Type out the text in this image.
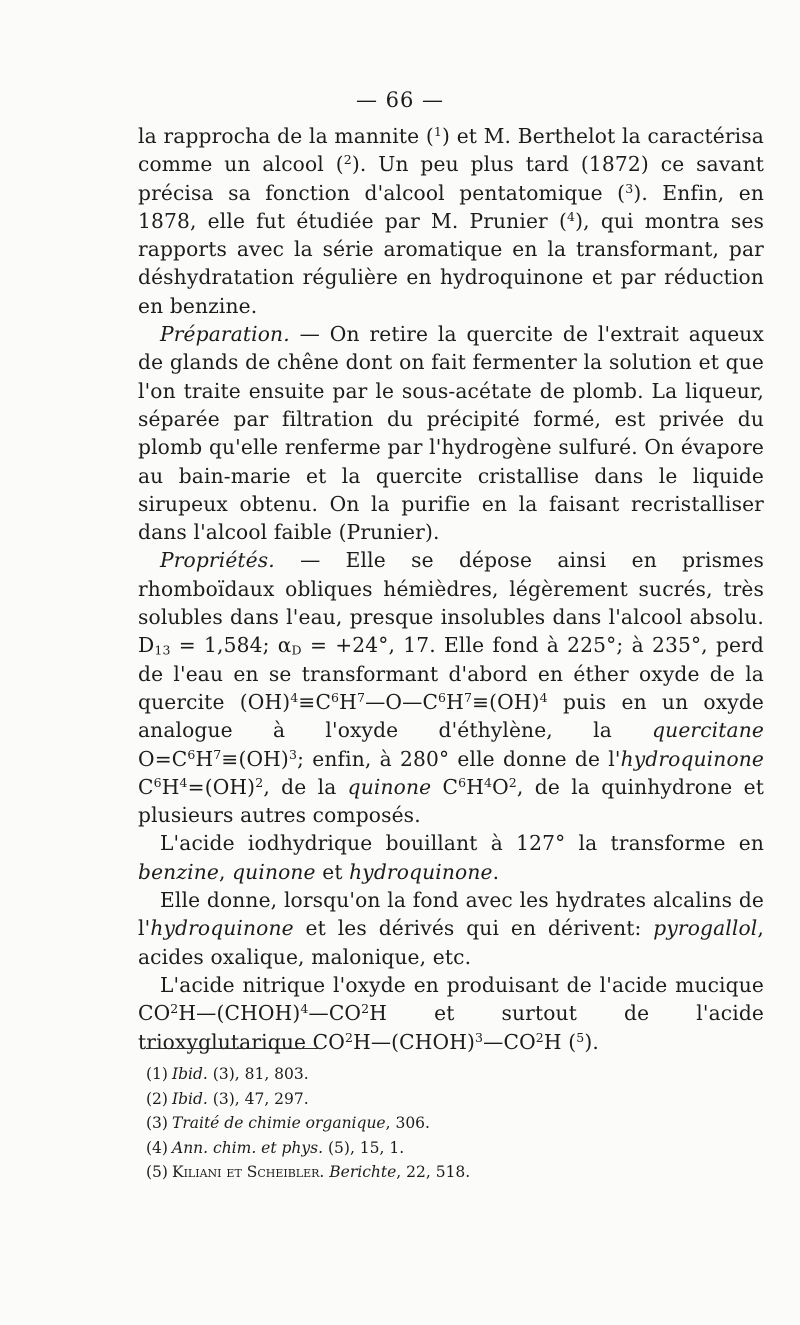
— 66 —

la rapprocha de la mannite ($^1$) et M. Berthelot la caractérisa comme un alcool ($^2$). Un peu plus tard (1872) ce savant précisa sa fonction d'alcool pentatomique ($^3$). Enfin, en 1878, elle fut étudiée par M. Prunier ($^4$), qui montra ses rapports avec la série aromatique en la transformant, par déshydratation régulière en hydroquinone et par réduction en benzine.

Préparation. — On retire la quercite de l'extrait aqueux de glands de chêne dont on fait fermenter la solution et que l'on traite ensuite par le sous-acétate de plomb. La liqueur, séparée par filtration du précipité formé, est privée du plomb qu'elle renferme par l'hydrogène sulfuré. On évapore au bain-marie et la quercite cristallise dans le liquide sirupeux obtenu. On la purifie en la faisant recristalliser dans l'alcool faible (Prunier).

Propriétés. — Elle se dépose ainsi en prismes rhomboïdaux obliques hémièdres, légèrement sucrés, très solubles dans l'eau, presque insolubles dans l'alcool absolu. $D_{13} = 1,584$; $\alpha_D = +24^\circ$, 17. Elle fond à 225°; à 235°, perd de l'eau en se transformant d'abord en éther oxyde de la quercite $(OH)^4\equiv C^6H^7—O—C^6H^7\equiv(OH)^4$ puis en un oxyde analogue à l'oxyde d'éthylène, la quercitane $O=C^6H^7\equiv(OH)^3$; enfin, à 280° elle donne de l'hydroquinone $C^6H^4=(OH)^2$, de la quinone $C^6H^4O^2$, de la quinhydrone et plusieurs autres composés.

L'acide iodhydrique bouillant à 127° la transforme en benzine, quinone et hydroquinone.

Elle donne, lorsqu'on la fond avec les hydrates alcalins de l'hydroquinone et les dérivés qui en dérivent: pyrogallol, acides oxalique, malonique, etc.

L'acide nitrique l'oxyde en produisant de l'acide mucique $CO^2H—(CHOH)^4—CO^2H$ et surtout de l'acide trioxyglutarique $CO^2H—(CHOH)^3—CO^2H$ ($^5$).

(1) Ibid. (3), 81, 803.

(2) Ibid. (3), 47, 297.

(3) Traité de chimie organique, 306.

(4) Ann. chim. et phys. (5), 15, 1.

(5) Kiliani et Scheibler. Berichte, 22, 518.
